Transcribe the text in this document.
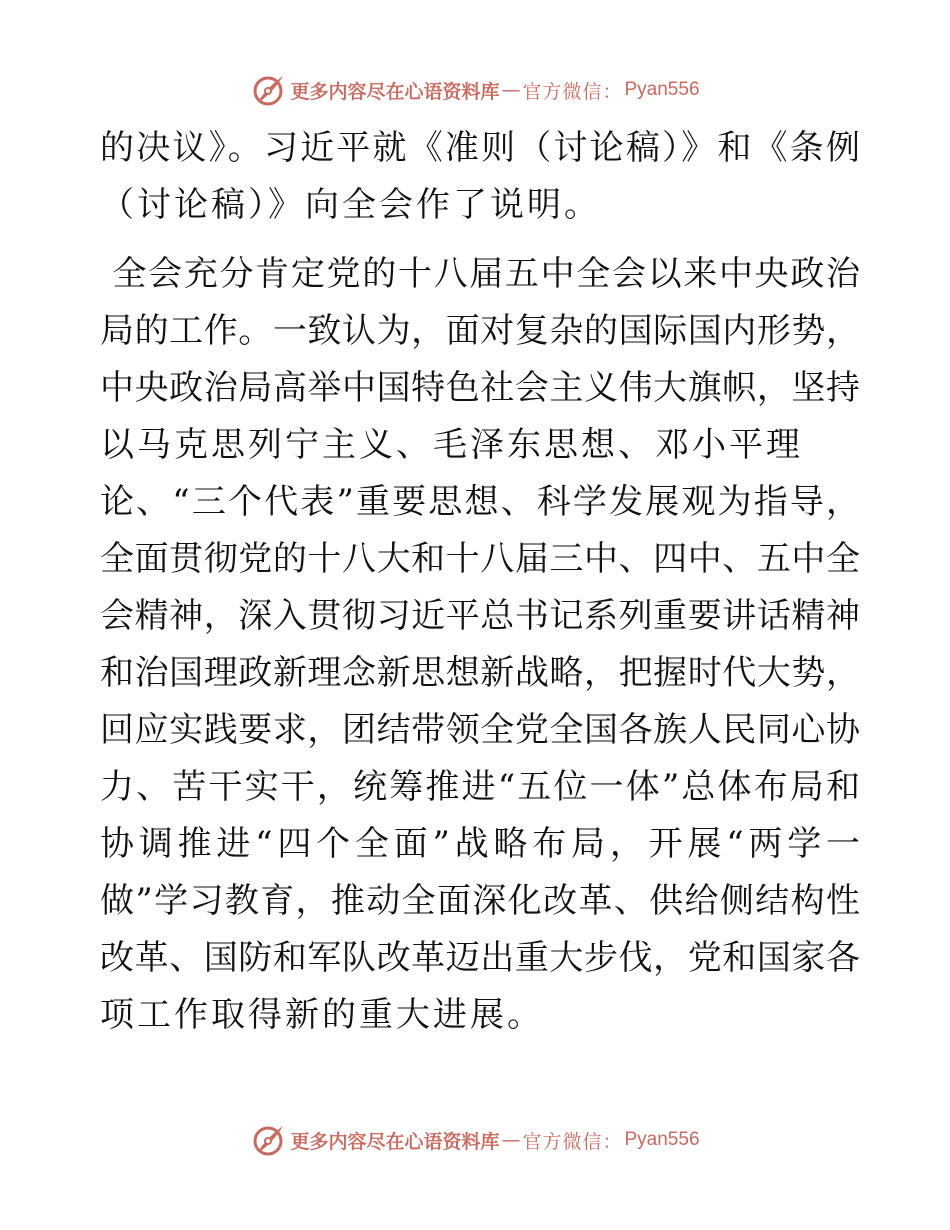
更多内容尽在心语资料库 — 官方微信： Pyan556
的决议》。习近平就《准则（讨论稿）》和《条例
（讨论稿）》向全会作了说明。
全会充分肯定党的十八届五中全会以来中央政治
局的工作。一致认为，面对复杂的国际国内形势，
中央政治局高举中国特色社会主义伟大旗帜，坚持
以马克思列宁主义、毛泽东思想、邓小平理
论、“三个代表”重要思想、科学发展观为指导，
全面贯彻党的十八大和十八届三中、四中、五中全
会精神，深入贯彻习近平总书记系列重要讲话精神
和治国理政新理念新思想新战略，把握时代大势，
回应实践要求，团结带领全党全国各族人民同心协
力、苦干实干，统筹推进“五位一体”总体布局和
协调推进“四个全面”战略布局，开展“两学一
做”学习教育，推动全面深化改革、供给侧结构性
改革、国防和军队改革迈出重大步伐，党和国家各
项工作取得新的重大进展。
更多内容尽在心语资料库 — 官方微信： Pyan556
